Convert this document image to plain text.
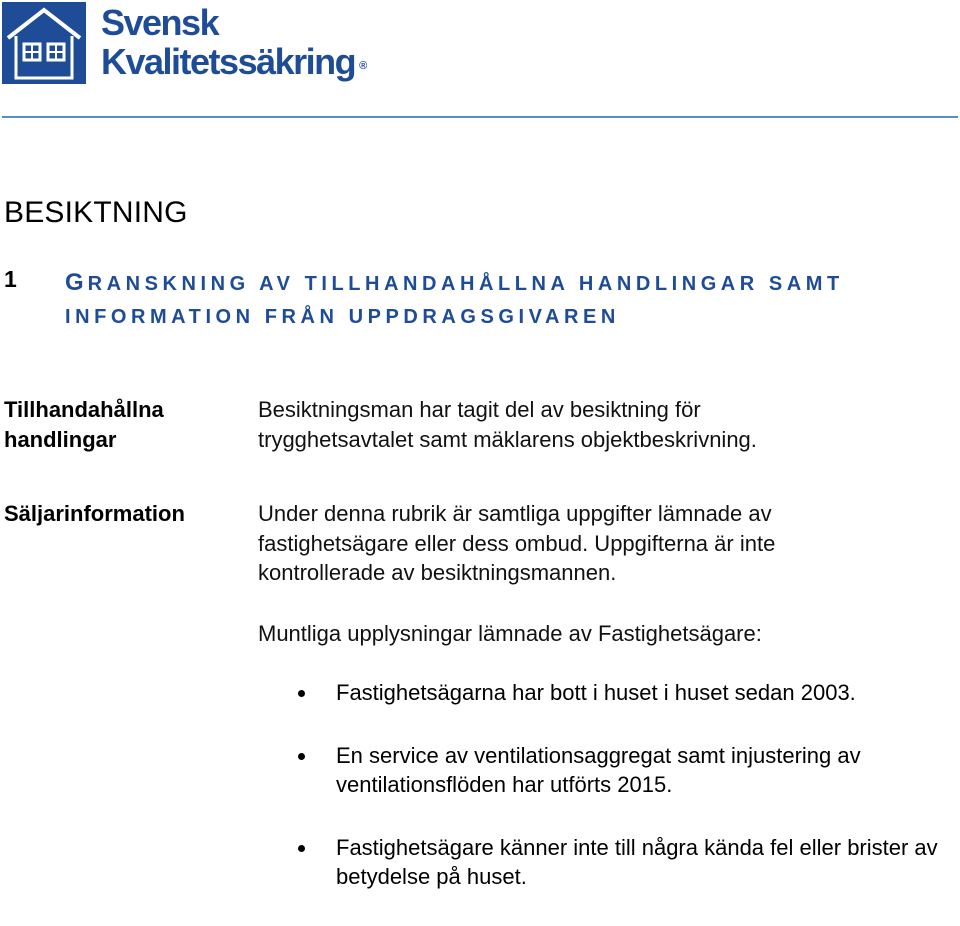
Svensk
Kvalitetssäkring ®
BESIKTNING
1 GRANSKNING AV TILLHANDAHÅLLNA HANDLINGAR SAMT
INFORMATION FRÅN UPPDRAGSGIVAREN
Tillhandahållna
handlingar
Besiktningsman har tagit del av besiktning för trygghetsavtalet samt mäklarens objektbeskrivning.
Säljarinformation	Under denna rubrik är samtliga uppgifter lämnade av fastighetsägare eller dess ombud. Uppgifterna är inte kontrollerade av besiktningsmannen.
Muntliga upplysningar lämnade av Fastighetsägare:
Fastighetsägarna har bott i huset i huset sedan 2003.
En service av ventilationsaggregat samt injustering av ventilationsflöden har utförts 2015.
Fastighetsägare känner inte till några kända fel eller brister av betydelse på huset.
